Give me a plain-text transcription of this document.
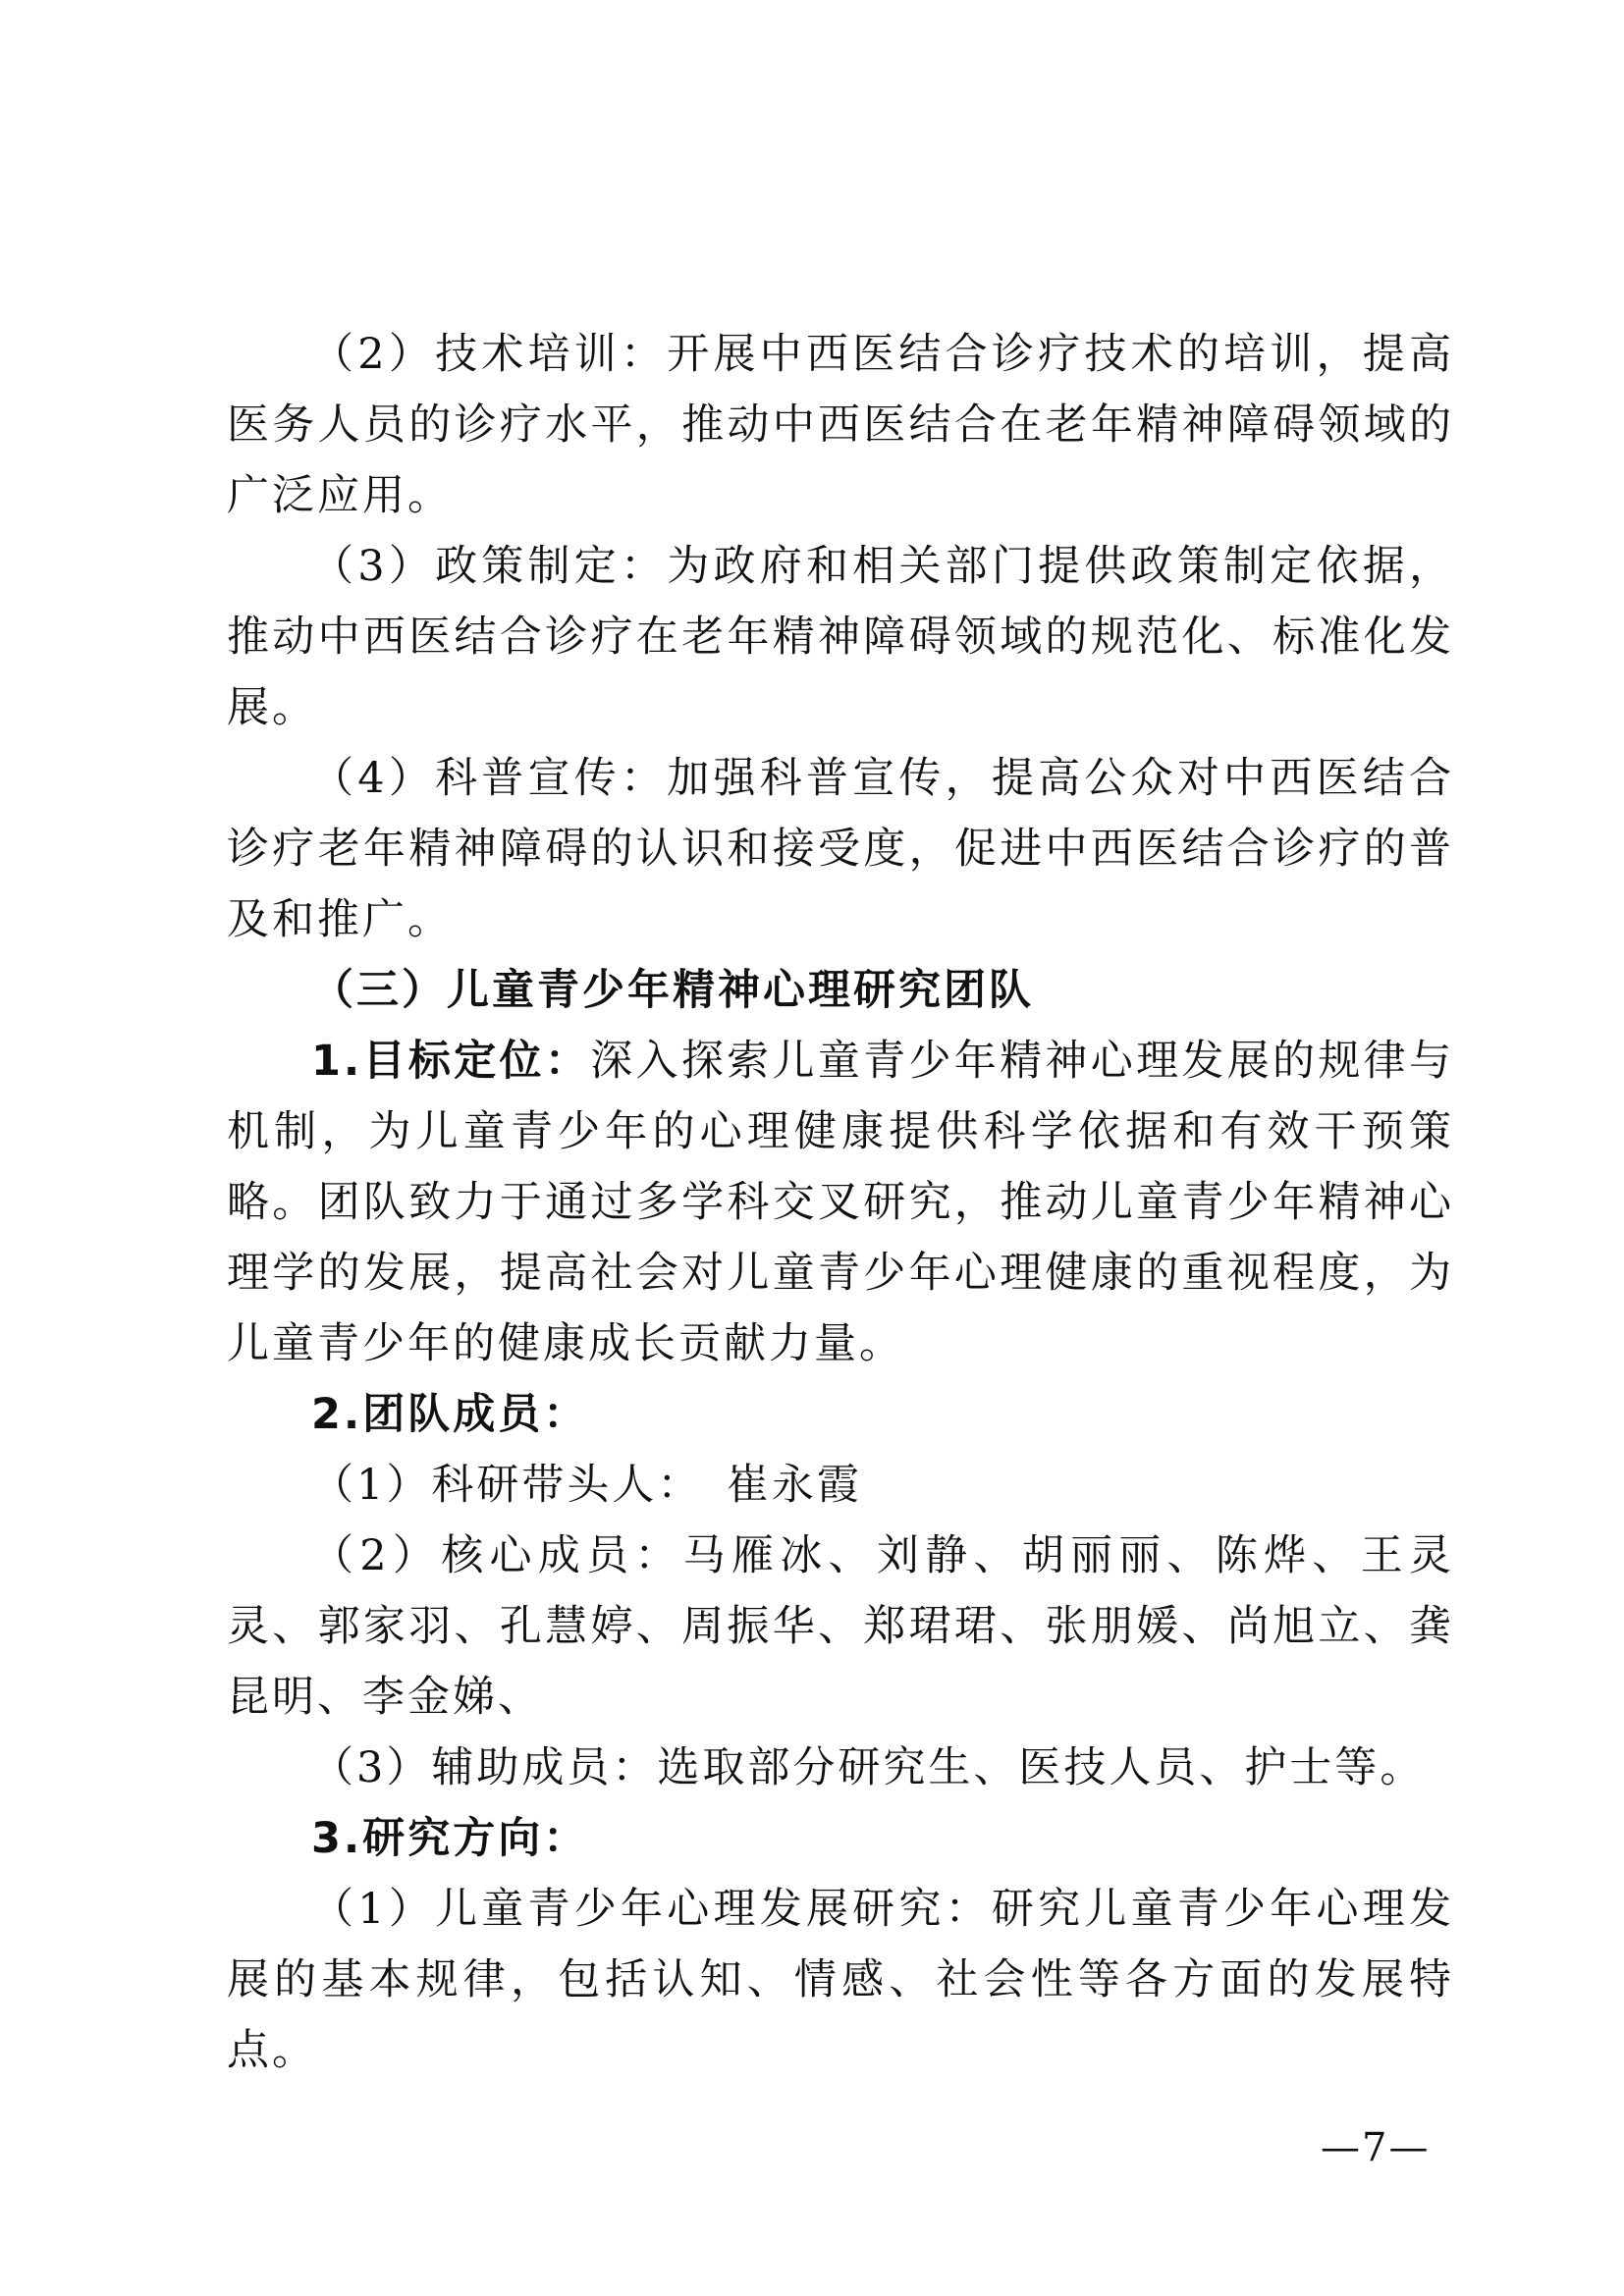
（2）技术培训：开展中西医结合诊疗技术的培训，提高医务人员的诊疗水平，推动中西医结合在老年精神障碍领域的广泛应用。

（3）政策制定：为政府和相关部门提供政策制定依据，推动中西医结合诊疗在老年精神障碍领域的规范化、标准化发展。

（4）科普宣传：加强科普宣传，提高公众对中西医结合诊疗老年精神障碍的认识和接受度，促进中西医结合诊疗的普及和推广。

（三）儿童青少年精神心理研究团队

1.目标定位：深入探索儿童青少年精神心理发展的规律与机制，为儿童青少年的心理健康提供科学依据和有效干预策略。团队致力于通过多学科交叉研究，推动儿童青少年精神心理学的发展，提高社会对儿童青少年心理健康的重视程度，为儿童青少年的健康成长贡献力量。

2.团队成员：

（1）科研带头人：　崔永霞

（2）核心成员：马雁冰、刘静、胡丽丽、陈烨、王灵灵、郭家羽、孔慧婷、周振华、郑珺珺、张朋媛、尚旭立、龚昆明、李金娣、

（3）辅助成员：选取部分研究生、医技人员、护士等。

3.研究方向：

（1）儿童青少年心理发展研究：研究儿童青少年心理发展的基本规律，包括认知、情感、社会性等各方面的发展特点。

—7—
